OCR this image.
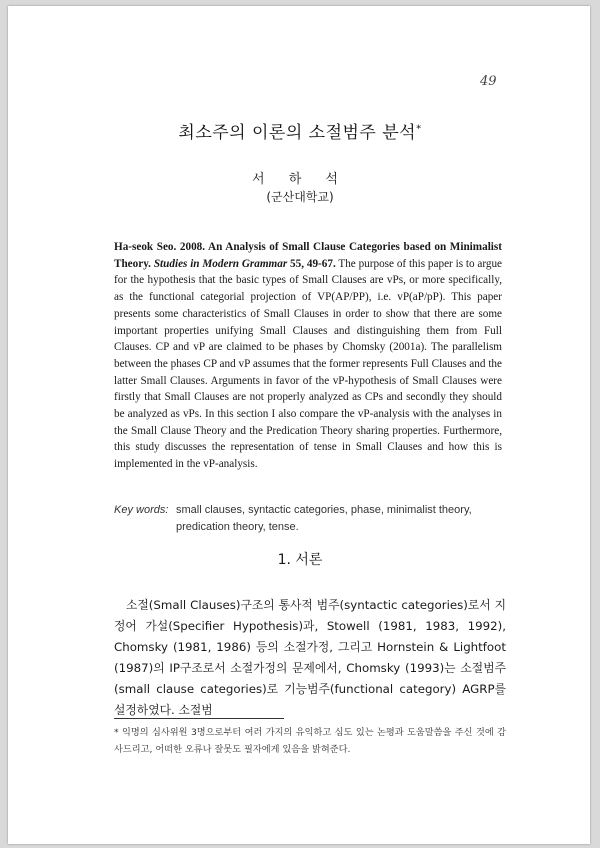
49
최소주의 이론의 소절범주 분석*
서 하 석
(군산대학교)
Ha-seok Seo. 2008. An Analysis of Small Clause Categories based on Minimalist Theory. Studies in Modern Grammar 55, 49-67. The purpose of this paper is to argue for the hypothesis that the basic types of Small Clauses are vPs, or more specifically, as the functional categorial projection of VP(AP/PP), i.e. vP(aP/pP). This paper presents some characteristics of Small Clauses in order to show that there are some important properties unifying Small Clauses and distinguishing them from Full Clauses. CP and vP are claimed to be phases by Chomsky (2001a). The parallelism between the phases CP and vP assumes that the former represents Full Clauses and the latter Small Clauses. Arguments in favor of the vP-hypothesis of Small Clauses were firstly that Small Clauses are not properly analyzed as CPs and secondly they should be analyzed as vPs. In this section I also compare the vP-analysis with the analyses in the Small Clause Theory and the Predication Theory sharing properties. Furthermore, this study discusses the representation of tense in Small Clauses and how this is implemented in the vP-analysis.
Key words: small clauses, syntactic categories, phase, minimalist theory,
predication theory, tense.
1. 서론

소절(Small Clauses)구조의 통사적 범주(syntactic categories)로서 지정어 가설(Specifier Hypothesis)과, Stowell (1981, 1983, 1992), Chomsky (1981, 1986) 등의 소절가정, 그리고 Hornstein & Lightfoot (1987)의 IP구조로서 소절가정의 문제에서, Chomsky (1993)는 소절범주(small clause categories)로 기능범주(functional category) AGRP를 설정하였다. 소절범

* 익명의 심사위원 3명으로부터 여러 가지의 유익하고 심도 있는 논평과 도움말씀을 주신 것에 감사드리고, 어떠한 오류나 잘못도 필자에게 있음을 밝혀준다.
